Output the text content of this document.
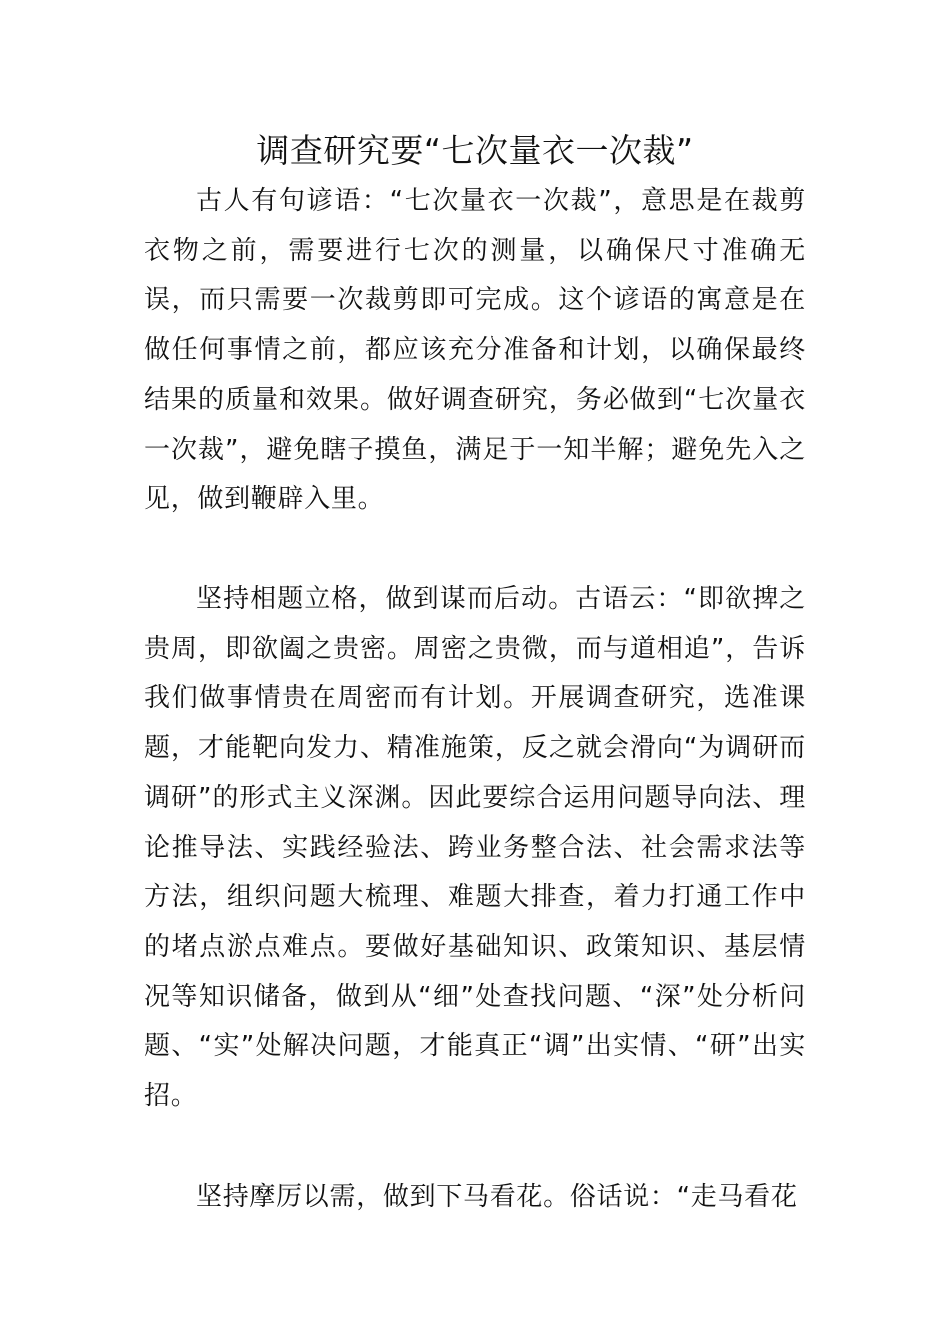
调查研究要“七次量衣一次裁”

古人有句谚语：“七次量衣一次裁”，意思是在裁剪衣物之前，需要进行七次的测量，以确保尺寸准确无误，而只需要一次裁剪即可完成。这个谚语的寓意是在做任何事情之前，都应该充分准备和计划，以确保最终结果的质量和效果。做好调查研究，务必做到“七次量衣一次裁”，避免瞎子摸鱼，满足于一知半解；避免先入之见，做到鞭辟入里。

坚持相题立格，做到谋而后动。古语云：“即欲捭之贵周，即欲阖之贵密。周密之贵微，而与道相追”，告诉我们做事情贵在周密而有计划。开展调查研究，选准课题，才能靶向发力、精准施策，反之就会滑向“为调研而调研”的形式主义深渊。因此要综合运用问题导向法、理论推导法、实践经验法、跨业务整合法、社会需求法等方法，组织问题大梳理、难题大排查，着力打通工作中的堵点淤点难点。要做好基础知识、政策知识、基层情况等知识储备，做到从“细”处查找问题、“深”处分析问题、“实”处解决问题，才能真正“调”出实情、“研”出实招。

坚持摩厉以需，做到下马看花。俗话说：“走马看花
